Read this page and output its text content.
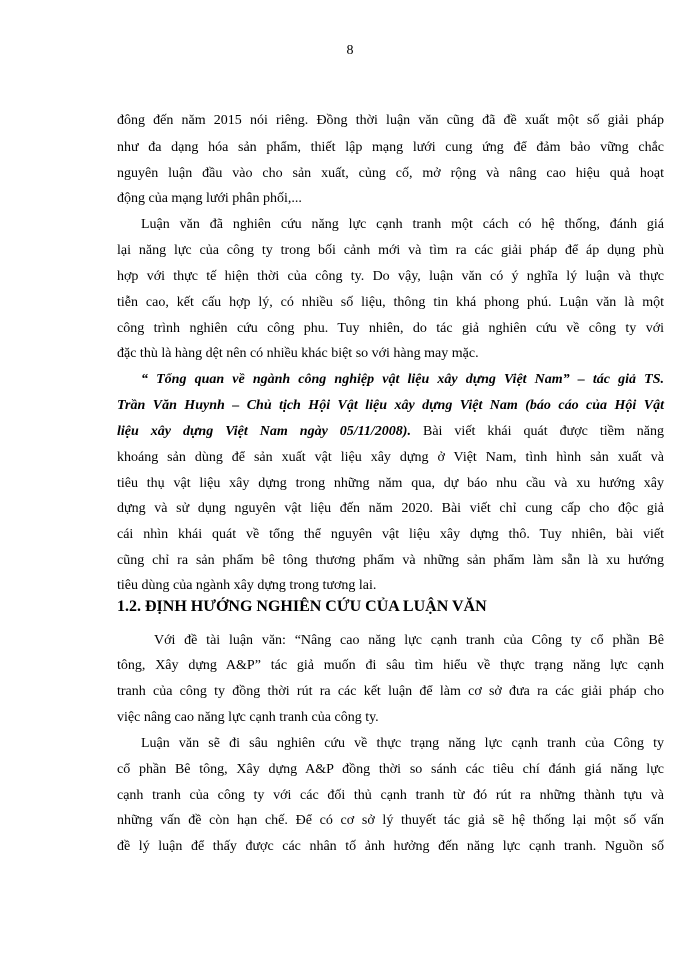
8
đông đến năm 2015 nói riêng. Đồng thời luận văn cũng đã đề xuất một số giải pháp
như đa dạng hóa sản phẩm, thiết lập mạng lưới cung ứng để đảm bảo vững chắc
nguyên luận đầu vào cho sản xuất, củng cố, mở rộng và nâng cao hiệu quả hoạt
động của mạng lưới phân phối,...
Luận văn đã nghiên cứu năng lực cạnh tranh một cách có hệ thống, đánh giá
lại năng lực của công ty trong bối cảnh mới và tìm ra các giải pháp để áp dụng phù
hợp với thực tế hiện thời của công ty. Do vậy, luận văn có ý nghĩa lý luận và thực
tiễn cao, kết cấu hợp lý, có nhiều số liệu, thông tin khá phong phú. Luận văn là một
công trình nghiên cứu công phu. Tuy nhiên, do tác giả nghiên cứu về công ty với
đặc thù là hàng dệt nên có nhiều khác biệt so với hàng may mặc.
“ Tổng quan về ngành công nghiệp vật liệu xây dựng Việt Nam” – tác giả TS.
Trần Văn Huynh – Chủ tịch Hội Vật liệu xây dựng Việt Nam (báo cáo của Hội Vật
liệu xây dựng Việt Nam ngày 05/11/2008). Bài viết khái quát được tiềm năng
khoáng sản dùng để sản xuất vật liệu xây dựng ở Việt Nam, tình hình sản xuất và
tiêu thụ vật liệu xây dựng trong những năm qua, dự báo nhu cầu và xu hướng xây
dựng và sử dụng nguyên vật liệu đến năm 2020. Bài viết chỉ cung cấp cho độc giả
cái nhìn khái quát về tổng thể nguyên vật liệu xây dựng thô. Tuy nhiên, bài viết
cũng chỉ ra sản phẩm bê tông thương phẩm và những sản phẩm làm sẵn là xu hướng
tiêu dùng của ngành xây dựng trong tương lai.
1.2. ĐỊNH HƯỚNG NGHIÊN CỨU CỦA LUẬN VĂN
Với đề tài luận văn: “Nâng cao năng lực cạnh tranh của Công ty cổ phần Bê
tông, Xây dựng A&P” tác giả muốn đi sâu tìm hiểu về thực trạng năng lực cạnh
tranh của công ty đồng thời rút ra các kết luận để làm cơ sở đưa ra các giải pháp cho
việc nâng cao năng lực cạnh tranh của công ty.
Luận văn sẽ đi sâu nghiên cứu về thực trạng năng lực cạnh tranh của Công ty
cổ phần Bê tông, Xây dựng A&P đồng thời so sánh các tiêu chí đánh giá năng lực
cạnh tranh của công ty với các đối thủ cạnh tranh từ đó rút ra những thành tựu và
những vấn đề còn hạn chế. Để có cơ sở lý thuyết tác giả sẽ hệ thống lại một số vấn
đề lý luận để thấy được các nhân tố ảnh hưởng đến năng lực cạnh tranh. Nguồn số
